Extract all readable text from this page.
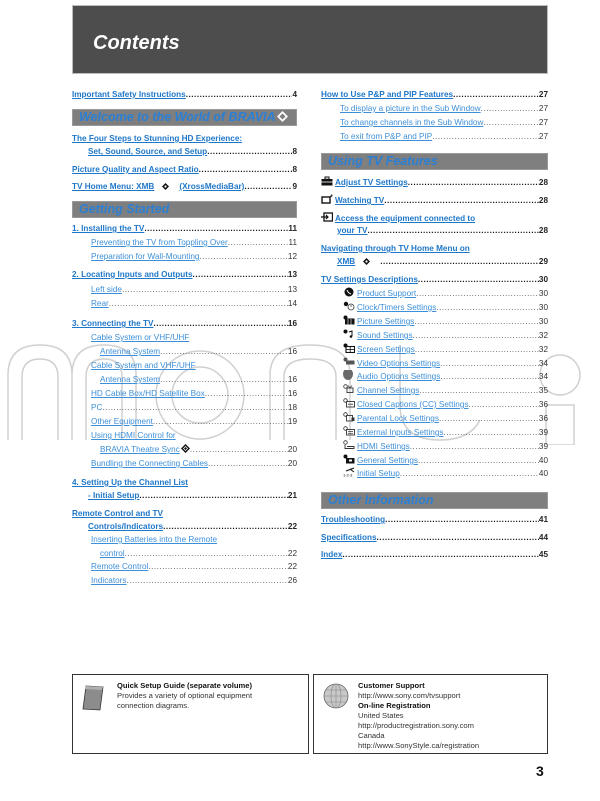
Contents
Important Safety Instructions .....	4
Welcome to the World of BRAVIA
The Four Steps to Stunning HD Experience:
Set, Sound, Source, and Setup .....	8
Picture Quality and Aspect Ratio .....	8
TV Home Menu: XMB	(XrossMediaBar) .....	9
Getting Started
1. Installing the TV .....	11
Preventing the TV from Toppling Over .....	11
Preparation for Wall-Mounting .....	12
2. Locating Inputs and Outputs .....	13
Left side .....	13
Rear .....	14
3. Connecting the TV .....	16
Cable System or VHF/UHF
Antenna System .....	16
Cable System and VHF/UHF
Antenna System .....	16
HD Cable Box/HD Satellite Box .....	16
PC .....	18
Other Equipment .....	19
Using HDMI Control for
BRAVIA Theatre Sync .....	20
Bundling the Connecting Cables .....	20
4. Setting Up the Channel List
- Initial Setup .....	21
Remote Control and TV
Controls/Indicators .....	22
Inserting Batteries into the Remote
control .....	22
Remote Control .....	22
Indicators .....	26
How to Use P&P and PIP Features .....	27
To display a picture in the Sub Window .....	27
To change channels in the Sub Window .....	27
To exit from P&P and PIP .....	27
Using TV Features
Adjust TV Settings .....	28
Watching TV .....	28
Access the equipment connected to
your TV .....	28
Navigating through TV Home Menu on
XMB .....	29
TV Settings Descriptions .....	30
Product Support .....	30
Clock/Timers Settings .....	30
Picture Settings .....	30
Sound Settings .....	32
Screen Settings .....	32
Video Options Settings .....	34
Audio Options Settings .....	34
Channel Settings .....	35
Closed Captions (CC) Settings .....	36
Parental Lock Settings .....	36
External Inputs Settings .....	39
HDMI Settings .....	39
General Settings .....	40
1-2-3 Initial Setup .....	40
Other Information
Troubleshooting .....	41
Specifications .....	44
Index .....	45
Quick Setup Guide (separate volume)
Provides a variety of optional equipment
connection diagrams.
Customer Support
http://www.sony.com/tvsupport
On-line Registration
United States
http://productregistration.sony.com
Canada
http://www.SonyStyle.ca/registration
3
